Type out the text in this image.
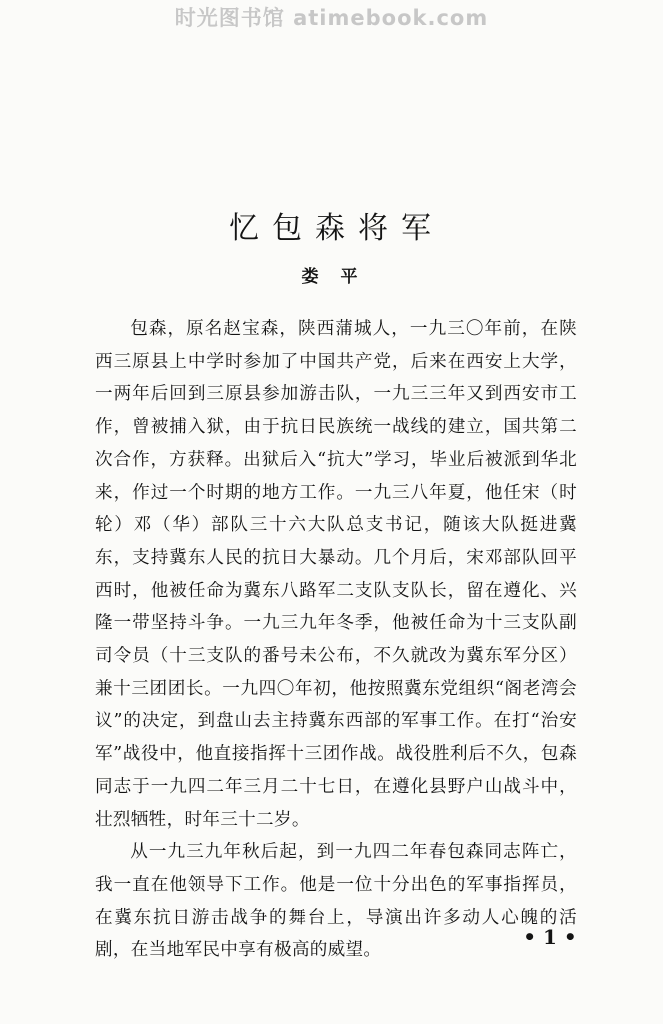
时光图书馆 atimebook.com
忆包森将军
娄平

包森，原名赵宝森，陕西蒲城人，一九三〇年前，在陕西三原县上中学时参加了中国共产党，后来在西安上大学，一两年后回到三原县参加游击队，一九三三年又到西安市工作，曾被捕入狱，由于抗日民族统一战线的建立，国共第二次合作，方获释。出狱后入“抗大”学习，毕业后被派到华北来，作过一个时期的地方工作。一九三八年夏，他任宋（时轮）邓（华）部队三十六大队总支书记，随该大队挺进冀东，支持冀东人民的抗日大暴动。几个月后，宋邓部队回平西时，他被任命为冀东八路军二支队支队长，留在遵化、兴隆一带坚持斗争。一九三九年冬季，他被任命为十三支队副司令员（十三支队的番号未公布，不久就改为冀东军分区）兼十三团团长。一九四〇年初，他按照冀东党组织“阁老湾会议”的决定，到盘山去主持冀东西部的军事工作。在打“治安军”战役中，他直接指挥十三团作战。战役胜利后不久，包森同志于一九四二年三月二十七日，在遵化县野户山战斗中，壮烈牺牲，时年三十二岁。

从一九三九年秋后起，到一九四二年春包森同志阵亡，我一直在他领导下工作。他是一位十分出色的军事指挥员，在冀东抗日游击战争的舞台上，导演出许多动人心魄的活剧，在当地军民中享有极高的威望。

• 1 •
